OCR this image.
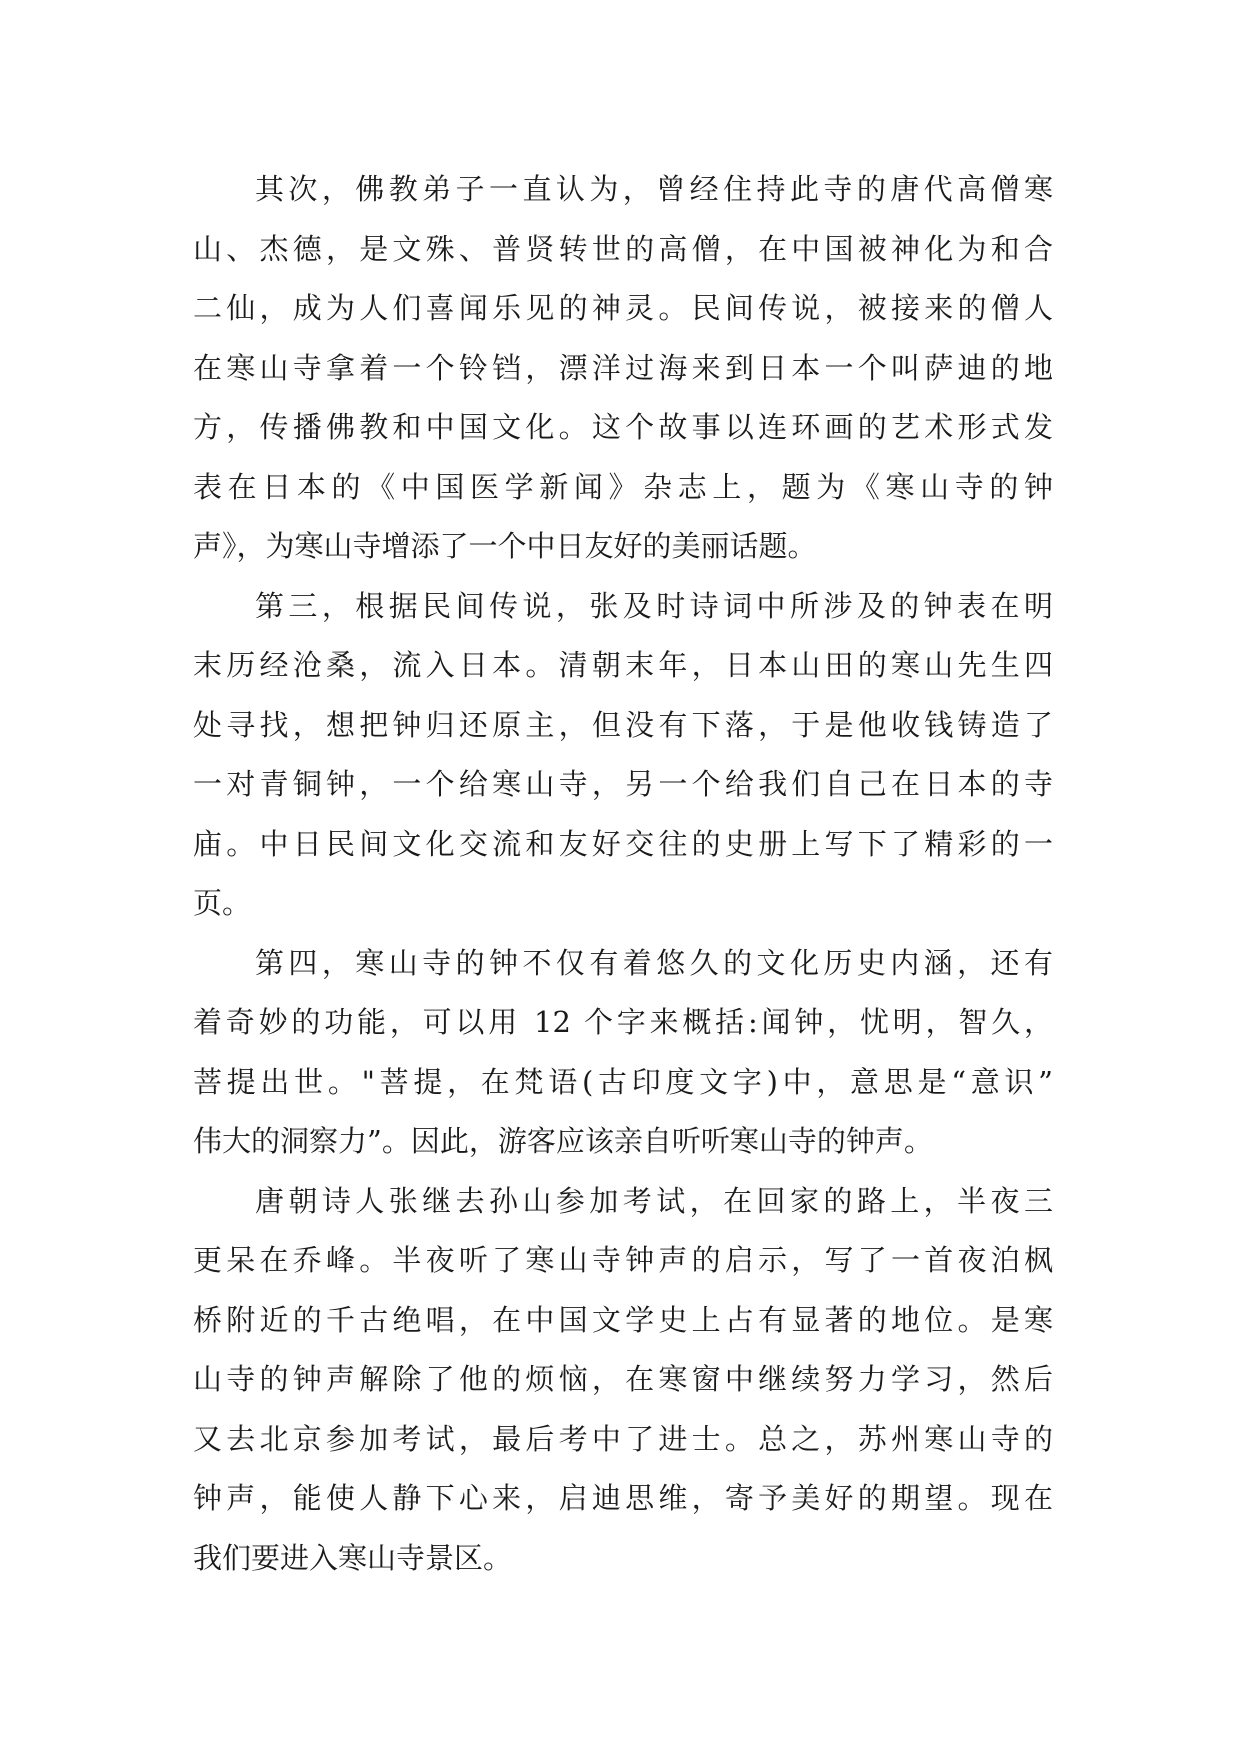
其次，佛教弟子一直认为，曾经住持此寺的唐代高僧寒
山、杰德，是文殊、普贤转世的高僧，在中国被神化为和合
二仙，成为人们喜闻乐见的神灵。民间传说，被接来的僧人
在寒山寺拿着一个铃铛，漂洋过海来到日本一个叫萨迪的地
方，传播佛教和中国文化。这个故事以连环画的艺术形式发
表在日本的《中国医学新闻》杂志上，题为《寒山寺的钟
声》，为寒山寺增添了一个中日友好的美丽话题。
第三，根据民间传说，张及时诗词中所涉及的钟表在明
末历经沧桑，流入日本。清朝末年，日本山田的寒山先生四
处寻找，想把钟归还原主，但没有下落，于是他收钱铸造了
一对青铜钟，一个给寒山寺，另一个给我们自己在日本的寺
庙。中日民间文化交流和友好交往的史册上写下了精彩的一
页。
第四，寒山寺的钟不仅有着悠久的文化历史内涵，还有
着奇妙的功能，可以用 12 个字来概括:闻钟，忧明，智久，
菩提出世。"菩提，在梵语(古印度文字)中，意思是“意识”
伟大的洞察力”。因此，游客应该亲自听听寒山寺的钟声。
唐朝诗人张继去孙山参加考试，在回家的路上，半夜三
更呆在乔峰。半夜听了寒山寺钟声的启示，写了一首夜泊枫
桥附近的千古绝唱，在中国文学史上占有显著的地位。是寒
山寺的钟声解除了他的烦恼，在寒窗中继续努力学习，然后
又去北京参加考试，最后考中了进士。总之，苏州寒山寺的
钟声，能使人静下心来，启迪思维，寄予美好的期望。现在
我们要进入寒山寺景区。
